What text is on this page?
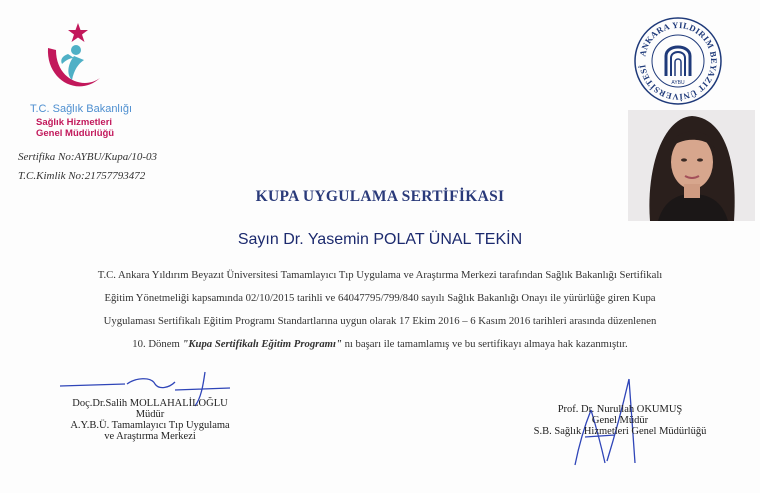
T.C. Sağlık Bakanlığı
Sağlık Hizmetleri
Genel Müdürlüğü
Sertifika No:AYBU/Kupa/10-03
T.C.Kimlik No:21757793472
ANKARA YILDIRIM BEYAZIT ÜNİVERSİTESİ
AYBU
KUPA UYGULAMA SERTİFİKASI
Sayın Dr. Yasemin POLAT ÜNAL TEKİN
T.C. Ankara Yıldırım Beyazıt Üniversitesi Tamamlayıcı Tıp Uygulama ve Araştırma Merkezi tarafından Sağlık Bakanlığı Sertifikalı
Eğitim Yönetmeliği kapsamında 02/10/2015 tarihli ve 64047795/799/840 sayılı Sağlık Bakanlığı Onayı ile yürürlüğe giren Kupa
Uygulaması Sertifikalı Eğitim Programı Standartlarına uygun olarak 17 Ekim 2016 – 6 Kasım 2016 tarihleri arasında düzenlenen
10. Dönem "Kupa Sertifikalı Eğitim Programı" nı başarı ile tamamlamış ve bu sertifikayı almaya hak kazanmıştır.
Doç.Dr.Salih MOLLAHALİLOĞLU
Müdür
A.Y.B.Ü. Tamamlayıcı Tıp Uygulama
ve Araştırma Merkezi
Prof. Dr. Nurullah OKUMUŞ
Genel Müdür
S.B. Sağlık Hizmetleri Genel Müdürlüğü
